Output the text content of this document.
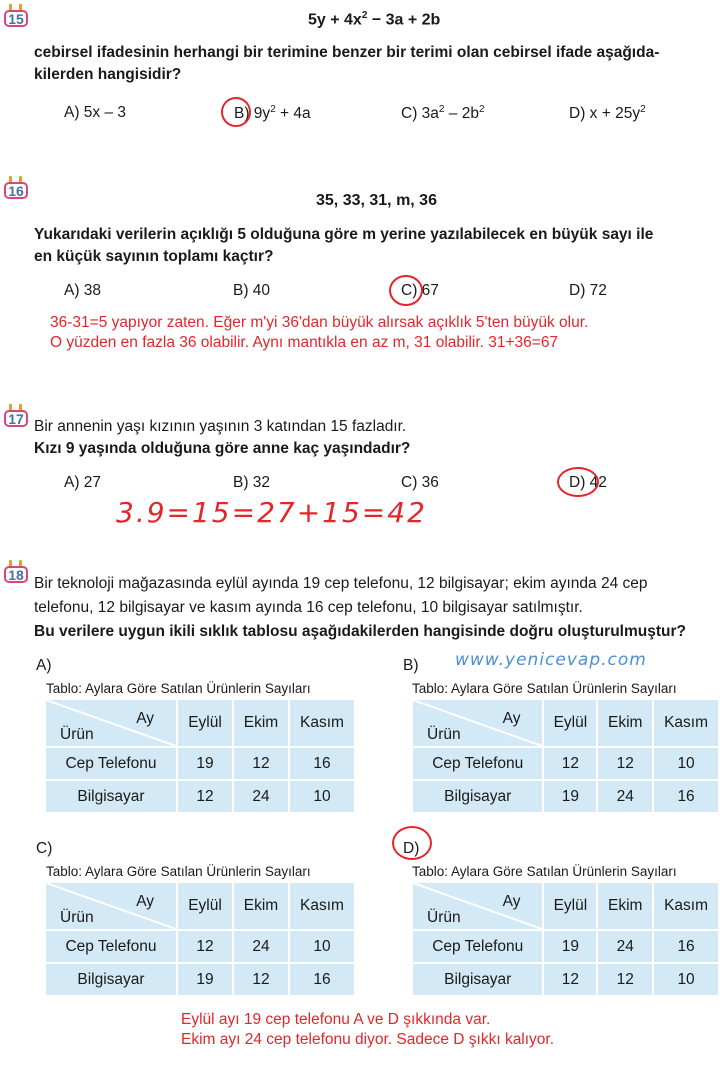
15	$5y + 4x^2 - 3a + 2b$
cebirsel ifadesinin herhangi bir terimine benzer bir terimi olan cebirsel ifade aşağıda-
kilerden hangisidir?
A) 5x – 3	B) $9y^2 + 4a$	C) $3a^2 - 2b^2$	D) $x + 25y^2$
16
35, 33, 31, m, 36
Yukarıdaki verilerin açıklığı 5 olduğuna göre m yerine yazılabilecek en büyük sayı ile
en küçük sayının toplamı kaçtır?
A) 38	B) 40	C) 67	D) 72
36-31=5 yapıyor zaten. Eğer m'yi 36'dan büyük alırsak açıklık 5'ten büyük olur.
O yüzden en fazla 36 olabilir. Aynı mantıkla en az m, 31 olabilir. 31+36=67
17 Bir annenin yaşı kızının yaşının 3 katından 15 fazladır.
Kızı 9 yaşında olduğuna göre anne kaç yaşındadır?
A) 27	B) 32	C) 36	D) 42
3.9=15=27+15=42
18 Bir teknoloji mağazasında eylül ayında 19 cep telefonu, 12 bilgisayar; ekim ayında 24 cep
telefonu, 12 bilgisayar ve kasım ayında 16 cep telefonu, 10 bilgisayar satılmıştır.
Bu verilere uygun ikili sıklık tablosu aşağıdakilerden hangisinde doğru oluşturulmuştur?
www.yenicevap.com
A)
Tablo: Aylara Göre Satılan Ürünlerin Sayıları
Ay
Ürün	Eylül	Ekim	Kasım
Cep Telefonu	19	12	16
Bilgisayar	12	24	10
B)
Tablo: Aylara Göre Satılan Ürünlerin Sayıları
Ay
Ürün	Eylül	Ekim	Kasım
Cep Telefonu	12	12	10
Bilgisayar	19	24	16
C)
Tablo: Aylara Göre Satılan Ürünlerin Sayıları
Ay
Ürün	Eylül	Ekim	Kasım
Cep Telefonu	12	24	10
Bilgisayar	19	12	16
D)
Tablo: Aylara Göre Satılan Ürünlerin Sayıları
Ay
Ürün	Eylül	Ekim	Kasım
Cep Telefonu	19	24	16
Bilgisayar	12	12	10
Eylül ayı 19 cep telefonu A ve D şıkkında var.
Ekim ayı 24 cep telefonu diyor. Sadece D şıkkı kalıyor.
